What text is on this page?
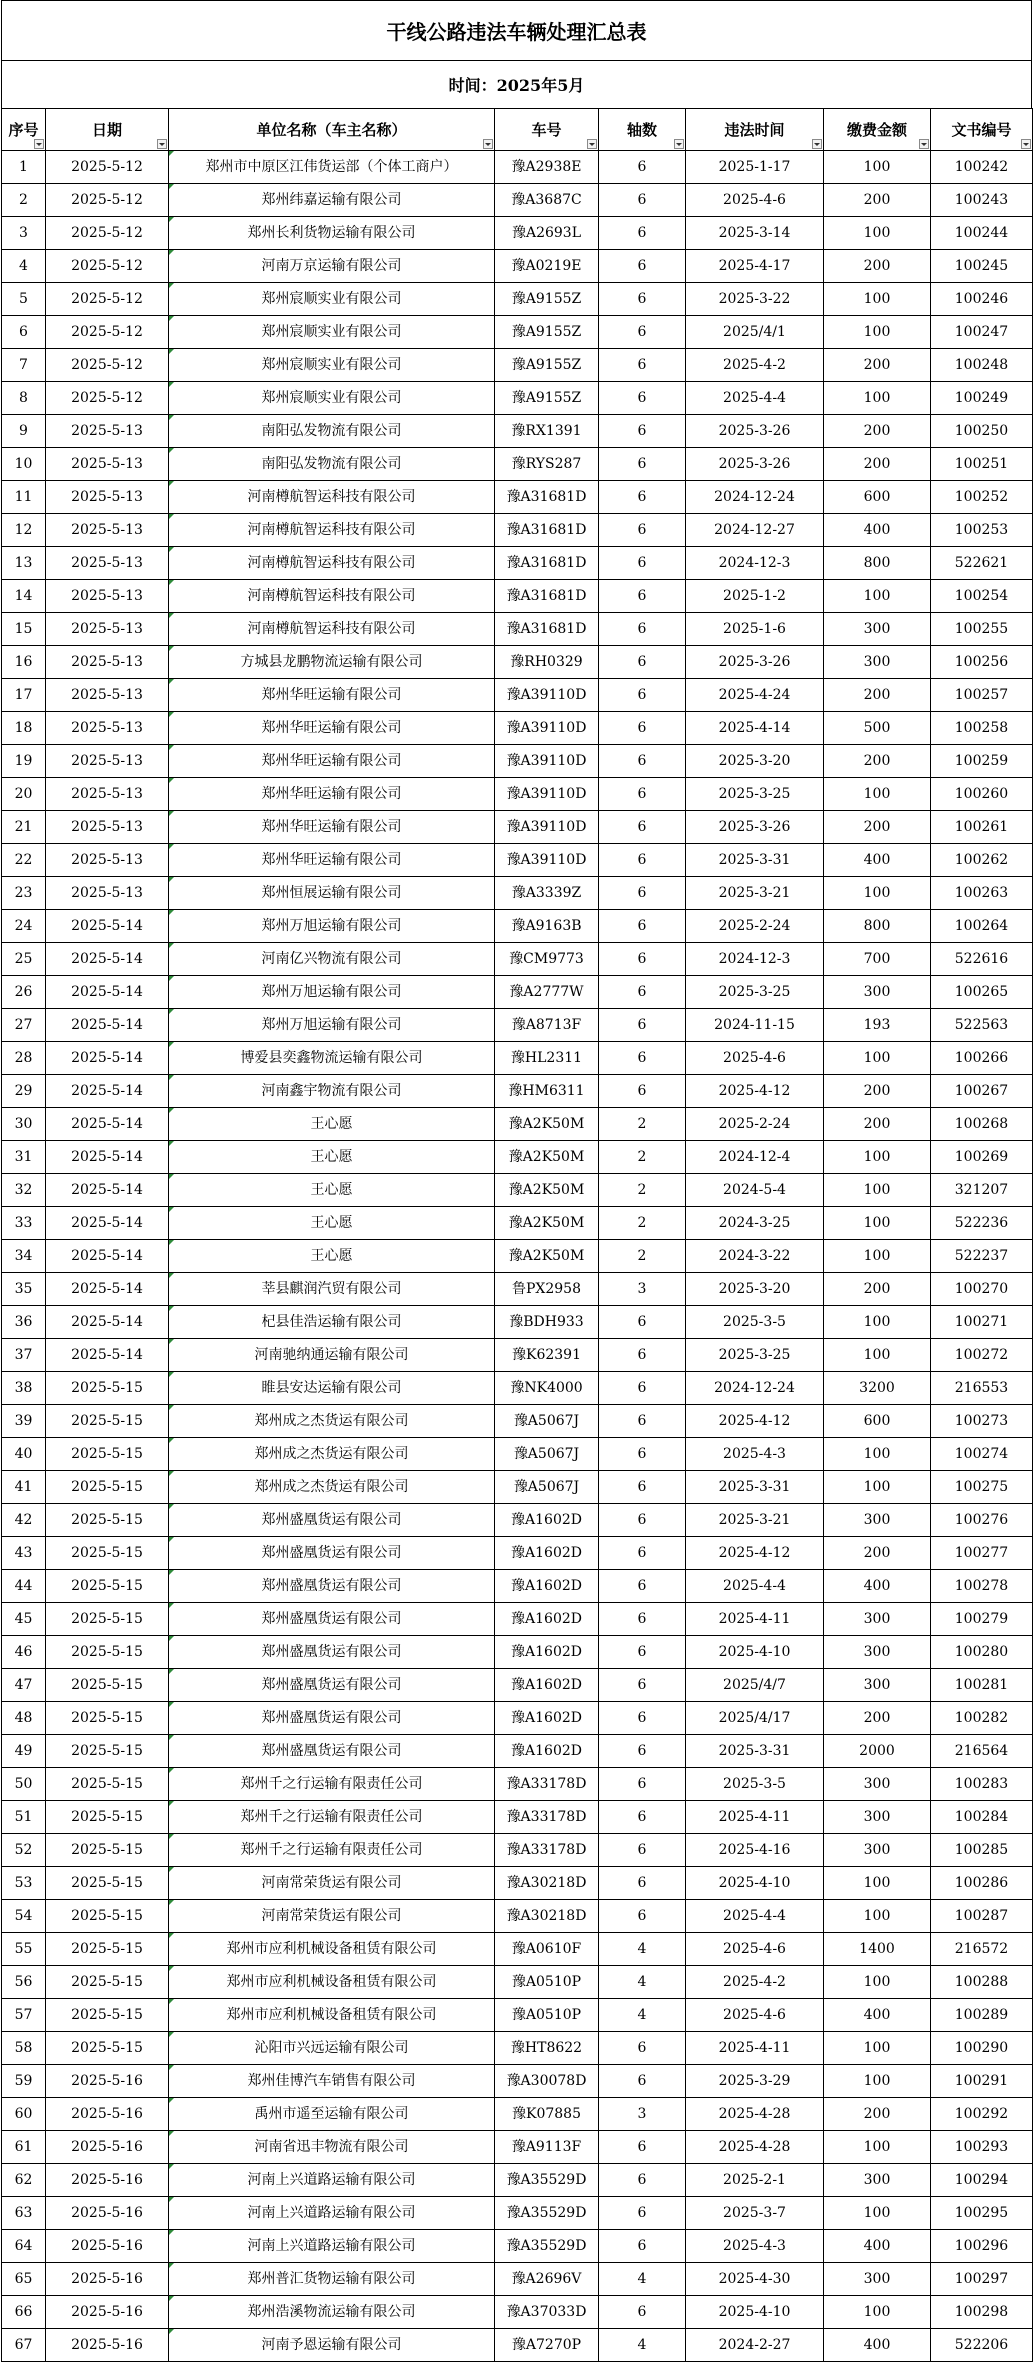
干线公路违法车辆处理汇总表
时间：2025年5月
序号	日期	单位名称（车主名称）	车号	轴数	违法时间	缴费金额	文书编号

1	2025-5-12	郑州市中原区江伟货运部（个体工商户）	豫A2938E	6	2025-1-17	100	100242
2	2025-5-12	郑州纬嘉运输有限公司	豫A3687C	6	2025-4-6	200	100243
3	2025-5-12	郑州长利货物运输有限公司	豫A2693L	6	2025-3-14	100	100244
4	2025-5-12	河南万京运输有限公司	豫A0219E	6	2025-4-17	200	100245
5	2025-5-12	郑州宸顺实业有限公司	豫A9155Z	6	2025-3-22	100	100246
6	2025-5-12	郑州宸顺实业有限公司	豫A9155Z	6	2025/4/1	100	100247
7	2025-5-12	郑州宸顺实业有限公司	豫A9155Z	6	2025-4-2	200	100248
8	2025-5-12	郑州宸顺实业有限公司	豫A9155Z	6	2025-4-4	100	100249
9	2025-5-13	南阳弘发物流有限公司	豫RX1391	6	2025-3-26	200	100250
10	2025-5-13	南阳弘发物流有限公司	豫RYS287	6	2025-3-26	200	100251
11	2025-5-13	河南樽航智运科技有限公司	豫A31681D	6	2024-12-24	600	100252
12	2025-5-13	河南樽航智运科技有限公司	豫A31681D	6	2024-12-27	400	100253
13	2025-5-13	河南樽航智运科技有限公司	豫A31681D	6	2024-12-3	800	522621
14	2025-5-13	河南樽航智运科技有限公司	豫A31681D	6	2025-1-2	100	100254
15	2025-5-13	河南樽航智运科技有限公司	豫A31681D	6	2025-1-6	300	100255
16	2025-5-13	方城县龙鹏物流运输有限公司	豫RH0329	6	2025-3-26	300	100256
17	2025-5-13	郑州华旺运输有限公司	豫A39110D	6	2025-4-24	200	100257
18	2025-5-13	郑州华旺运输有限公司	豫A39110D	6	2025-4-14	500	100258
19	2025-5-13	郑州华旺运输有限公司	豫A39110D	6	2025-3-20	200	100259
20	2025-5-13	郑州华旺运输有限公司	豫A39110D	6	2025-3-25	100	100260
21	2025-5-13	郑州华旺运输有限公司	豫A39110D	6	2025-3-26	200	100261
22	2025-5-13	郑州华旺运输有限公司	豫A39110D	6	2025-3-31	400	100262
23	2025-5-13	郑州恒展运输有限公司	豫A3339Z	6	2025-3-21	100	100263
24	2025-5-14	郑州万旭运输有限公司	豫A9163B	6	2025-2-24	800	100264
25	2025-5-14	河南亿兴物流有限公司	豫CM9773	6	2024-12-3	700	522616
26	2025-5-14	郑州万旭运输有限公司	豫A2777W	6	2025-3-25	300	100265
27	2025-5-14	郑州万旭运输有限公司	豫A8713F	6	2024-11-15	193	522563
28	2025-5-14	博爱县奕鑫物流运输有限公司	豫HL2311	6	2025-4-6	100	100266
29	2025-5-14	河南鑫宇物流有限公司	豫HM6311	6	2025-4-12	200	100267
30	2025-5-14	王心愿	豫A2K50M	2	2025-2-24	200	100268
31	2025-5-14	王心愿	豫A2K50M	2	2024-12-4	100	100269
32	2025-5-14	王心愿	豫A2K50M	2	2024-5-4	100	321207
33	2025-5-14	王心愿	豫A2K50M	2	2024-3-25	100	522236
34	2025-5-14	王心愿	豫A2K50M	2	2024-3-22	100	522237
35	2025-5-14	莘县麒润汽贸有限公司	鲁PX2958	3	2025-3-20	200	100270
36	2025-5-14	杞县佳浩运输有限公司	豫BDH933	6	2025-3-5	100	100271
37	2025-5-14	河南驰纳通运输有限公司	豫K62391	6	2025-3-25	100	100272
38	2025-5-15	睢县安达运输有限公司	豫NK4000	6	2024-12-24	3200	216553
39	2025-5-15	郑州成之杰货运有限公司	豫A5067J	6	2025-4-12	600	100273
40	2025-5-15	郑州成之杰货运有限公司	豫A5067J	6	2025-4-3	100	100274
41	2025-5-15	郑州成之杰货运有限公司	豫A5067J	6	2025-3-31	100	100275
42	2025-5-15	郑州盛凰货运有限公司	豫A1602D	6	2025-3-21	300	100276
43	2025-5-15	郑州盛凰货运有限公司	豫A1602D	6	2025-4-12	200	100277
44	2025-5-15	郑州盛凰货运有限公司	豫A1602D	6	2025-4-4	400	100278
45	2025-5-15	郑州盛凰货运有限公司	豫A1602D	6	2025-4-11	300	100279
46	2025-5-15	郑州盛凰货运有限公司	豫A1602D	6	2025-4-10	300	100280
47	2025-5-15	郑州盛凰货运有限公司	豫A1602D	6	2025/4/7	300	100281
48	2025-5-15	郑州盛凰货运有限公司	豫A1602D	6	2025/4/17	200	100282
49	2025-5-15	郑州盛凰货运有限公司	豫A1602D	6	2025-3-31	2000	216564
50	2025-5-15	郑州千之行运输有限责任公司	豫A33178D	6	2025-3-5	300	100283
51	2025-5-15	郑州千之行运输有限责任公司	豫A33178D	6	2025-4-11	300	100284
52	2025-5-15	郑州千之行运输有限责任公司	豫A33178D	6	2025-4-16	300	100285
53	2025-5-15	河南常荣货运有限公司	豫A30218D	6	2025-4-10	100	100286
54	2025-5-15	河南常荣货运有限公司	豫A30218D	6	2025-4-4	100	100287
55	2025-5-15	郑州市应利机械设备租赁有限公司	豫A0610F	4	2025-4-6	1400	216572
56	2025-5-15	郑州市应利机械设备租赁有限公司	豫A0510P	4	2025-4-2	100	100288
57	2025-5-15	郑州市应利机械设备租赁有限公司	豫A0510P	4	2025-4-6	400	100289
58	2025-5-15	沁阳市兴远运输有限公司	豫HT8622	6	2025-4-11	100	100290
59	2025-5-16	郑州佳博汽车销售有限公司	豫A30078D	6	2025-3-29	100	100291
60	2025-5-16	禹州市遥至运输有限公司	豫K07885	3	2025-4-28	200	100292
61	2025-5-16	河南省迅丰物流有限公司	豫A9113F	6	2025-4-28	100	100293
62	2025-5-16	河南上兴道路运输有限公司	豫A35529D	6	2025-2-1	300	100294
63	2025-5-16	河南上兴道路运输有限公司	豫A35529D	6	2025-3-7	100	100295
64	2025-5-16	河南上兴道路运输有限公司	豫A35529D	6	2025-4-3	400	100296
65	2025-5-16	郑州普汇货物运输有限公司	豫A2696V	4	2025-4-30	300	100297
66	2025-5-16	郑州浩溪物流运输有限公司	豫A37033D	6	2025-4-10	100	100298
67	2025-5-16	河南予恩运输有限公司	豫A7270P	4	2024-2-27	400	522206
